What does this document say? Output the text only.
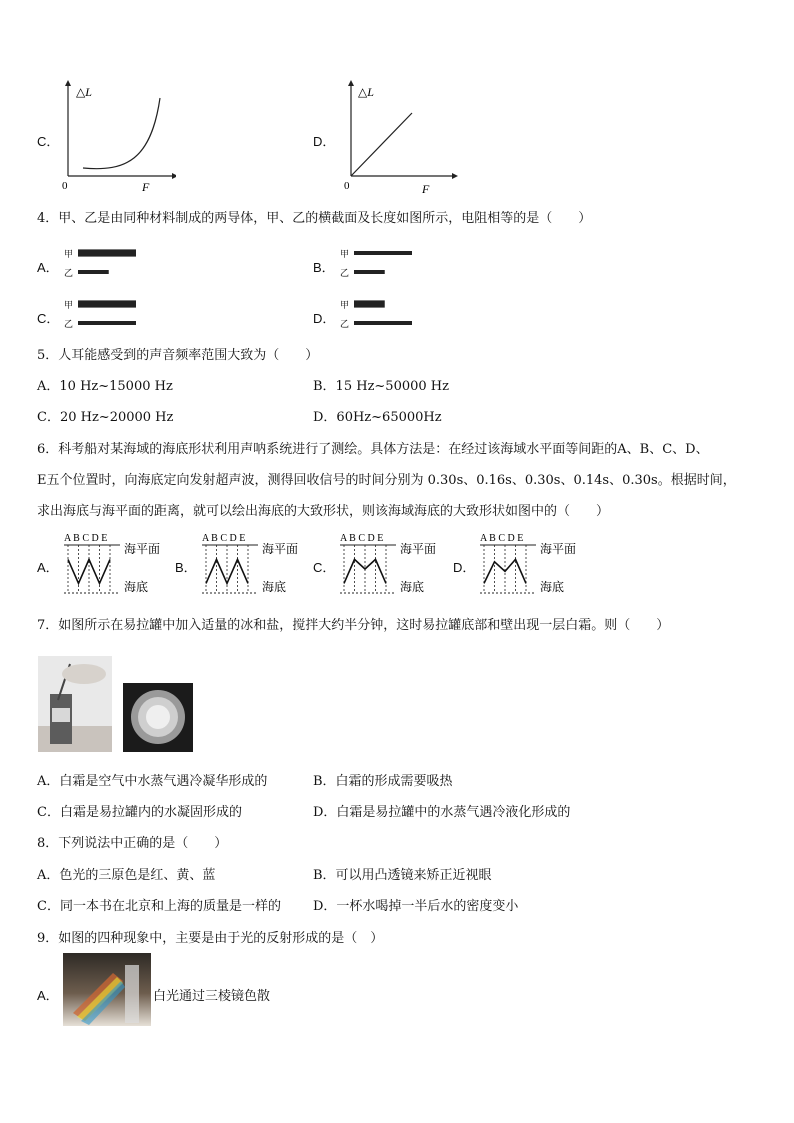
C．
△L
0	F
D．
△L
0	F
4．甲、乙是由同种材料制成的两导体，甲、乙的横截面及长度如图所示，电阻相等的是（　　）
A．
甲
乙	B．
甲
乙
C．
甲
乙	D．
甲
乙
5．人耳能感受到的声音频率范围大致为（　　）
A．10 Hz~15000 Hz	B．15 Hz~50000 Hz
C．20 Hz~20000 Hz	D．60Hz~65000Hz
6．科考船对某海域的海底形状利用声呐系统进行了测绘。具体方法是：在经过该海域水平面等间距的A、B、C、D、
E五个位置时，向海底定向发射超声波，测得回收信号的时间分别为 0.30s、0.16s、0.30s、0.14s、0.30s。根据时间，
求出海底与海平面的距离，就可以绘出海底的大致形状，则该海域海底的大致形状如图中的（　　）
A．
A B C D E
海平面
海底
B．
A B C D E
海平面
海底
C．
A B C D E
海平面
海底
D．
A B C D E
海平面
海底
7．如图所示在易拉罐中加入适量的冰和盐，搅拌大约半分钟，这时易拉罐底部和壁出现一层白霜。则（　　）
A．白霜是空气中水蒸气遇冷凝华形成的	B．白霜的形成需要吸热
C．白霜是易拉罐内的水凝固形成的	D．白霜是易拉罐中的水蒸气遇冷液化形成的
8．下列说法中正确的是（　　）
A．色光的三原色是红、黄、蓝	B．可以用凸透镜来矫正近视眼
C．同一本书在北京和上海的质量是一样的 D．一杯水喝掉一半后水的密度变小
9．如图的四种现象中，主要是由于光的反射形成的是（　）
A．	白光通过三棱镜色散
